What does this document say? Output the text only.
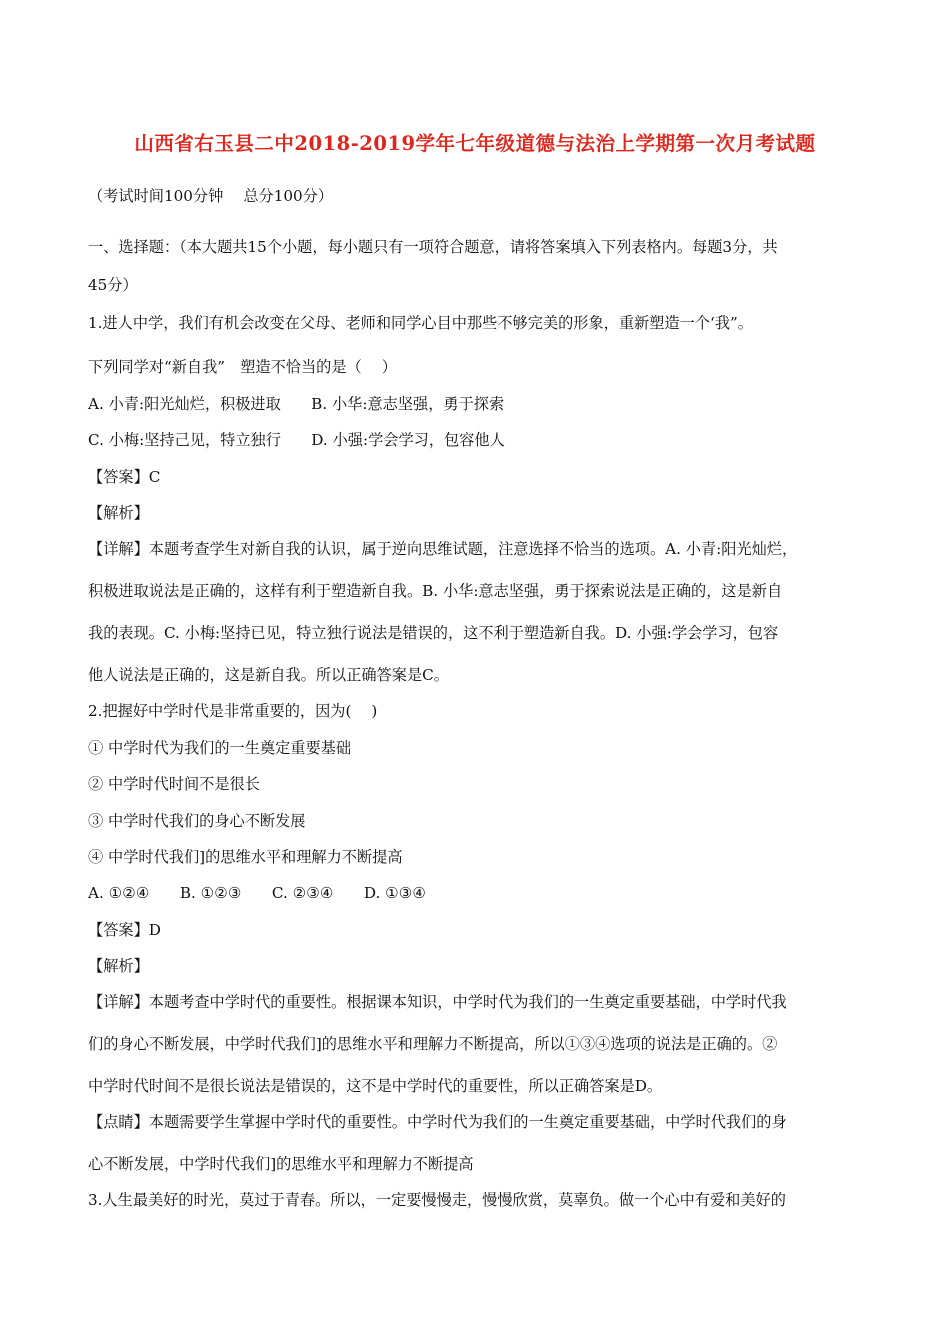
山西省右玉县二中2018-2019学年七年级道德与法治上学期第一次月考试题
（考试时间100分钟　 总分100分）
一、选择题：（本大题共15个小题，每小题只有一项符合题意，请将答案填入下列表格内。每题3分，共
45分）
1.进人中学，我们有机会改变在父母、老师和同学心目中那些不够完美的形象，重新塑造一个‘我”。
下列同学对“新自我”　塑造不恰当的是（　 ）
A. 小青:阳光灿烂，积极进取　　B. 小华:意志坚强，勇于探索
C. 小梅:坚持己见，特立独行　　D. 小强:学会学习，包容他人
【答案】C
【解析】
【详解】本题考查学生对新自我的认识，属于逆向思维试题，注意选择不恰当的选项。A. 小青:阳光灿烂，
积极进取说法是正确的，这样有利于塑造新自我。B. 小华:意志坚强，勇于探索说法是正确的，这是新自
我的表现。C. 小梅:坚持已见，特立独行说法是错误的，这不利于塑造新自我。D. 小强:学会学习，包容
他人说法是正确的，这是新自我。所以正确答案是C。
2.把握好中学时代是非常重要的，因为(　 )
① 中学时代为我们的一生奠定重要基础
② 中学时代时间不是很长
③ 中学时代我们的身心不断发展
④ 中学时代我们]的思维水平和理解力不断提高
A. ①②④　　B. ①②③　　C. ②③④　　D. ①③④
【答案】D
【解析】
【详解】本题考查中学时代的重要性。根据课本知识，中学时代为我们的一生奠定重要基础，中学时代我
们的身心不断发展，中学时代我们]的思维水平和理解力不断提高，所以①③④选项的说法是正确的。②
中学时代时间不是很长说法是错误的，这不是中学时代的重要性，所以正确答案是D。
【点睛】本题需要学生掌握中学时代的重要性。中学时代为我们的一生奠定重要基础，中学时代我们的身
心不断发展，中学时代我们]的思维水平和理解力不断提高
3.人生最美好的时光，莫过于青春。所以，一定要慢慢走，慢慢欣赏，莫辜负。做一个心中有爱和美好的
